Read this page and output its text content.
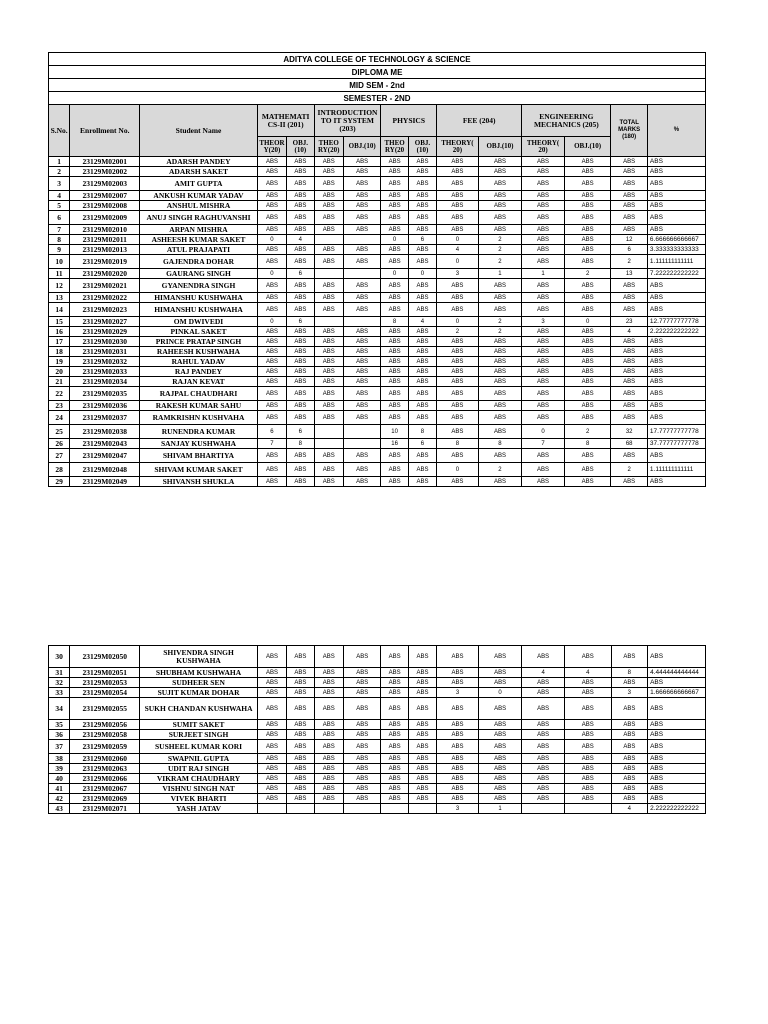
ADITYA COLLEGE OF TECHNOLOGY & SCIENCE														
DIPLOMA ME														
MID SEM - 2nd														
SEMESTER - 2ND														
S.No.	Enrollment No.	Student Name	MATHEMATI CS-II (201)		INTRODUCTION TO IT SYSTEM (203)		PHYSICS		FEE (204)		ENGINEERING MECHANICS (205)		TOTAL MARKS (180)	%
			THEOR Y(20)	OBJ. (10)	THEO RY(20)	OBJ.(10)	THEO RY(20	OBJ. (10)	THEORY( 20)	OBJ.(10)	THEORY( 20)	OBJ.(10)		
1	23129M02001	ADARSH PANDEY	ABS	ABS	ABS	ABS	ABS	ABS	ABS	ABS	ABS	ABS	ABS	ABS
2	23129M02002	ADARSH SAKET	ABS	ABS	ABS	ABS	ABS	ABS	ABS	ABS	ABS	ABS	ABS	ABS
3	23129M02003	AMIT GUPTA	ABS	ABS	ABS	ABS	ABS	ABS	ABS	ABS	ABS	ABS	ABS	ABS
4	23129M02007	ANKUSH KUMAR YADAV	ABS	ABS	ABS	ABS	ABS	ABS	ABS	ABS	ABS	ABS	ABS	ABS
5	23129M02008	ANSHUL MISHRA	ABS	ABS	ABS	ABS	ABS	ABS	ABS	ABS	ABS	ABS	ABS	ABS
6	23129M02009	ANUJ SINGH RAGHUVANSHI	ABS	ABS	ABS	ABS	ABS	ABS	ABS	ABS	ABS	ABS	ABS	ABS
7	23129M02010	ARPAN MISHRA	ABS	ABS	ABS	ABS	ABS	ABS	ABS	ABS	ABS	ABS	ABS	ABS
8	23129M02011	ASHEESH KUMAR SAKET	0	4			0	6	0	2	ABS	ABS	12	6.666666666667
9	23129M02013	ATUL PRAJAPATI	ABS	ABS	ABS	ABS	ABS	ABS	4	2	ABS	ABS	6	3.333333333333
10	23129M02019	GAJENDRA DOHAR	ABS	ABS	ABS	ABS	ABS	ABS	0	2	ABS	ABS	2	1.111111111111
11	23129M02020	GAURANG SINGH	0	6			0	0	3	1	1	2	13	7.222222222222
12	23129M02021	GYANENDRA SINGH	ABS	ABS	ABS	ABS	ABS	ABS	ABS	ABS	ABS	ABS	ABS	ABS
13	23129M02022	HIMANSHU KUSHWAHA	ABS	ABS	ABS	ABS	ABS	ABS	ABS	ABS	ABS	ABS	ABS	ABS
14	23129M02023	HIMANSHU KUSHWAHA	ABS	ABS	ABS	ABS	ABS	ABS	ABS	ABS	ABS	ABS	ABS	ABS
15	23129M02027	OM DWIVEDI	0	6			8	4	0	2	3	0	23	12.77777777778
16	23129M02029	PINKAL SAKET	ABS	ABS	ABS	ABS	ABS	ABS	2	2	ABS	ABS	4	2.222222222222
17	23129M02030	PRINCE PRATAP SINGH	ABS	ABS	ABS	ABS	ABS	ABS	ABS	ABS	ABS	ABS	ABS	ABS
18	23129M02031	RAHEESH KUSHWAHA	ABS	ABS	ABS	ABS	ABS	ABS	ABS	ABS	ABS	ABS	ABS	ABS
19	23129M02032	RAHUL YADAV	ABS	ABS	ABS	ABS	ABS	ABS	ABS	ABS	ABS	ABS	ABS	ABS
20	23129M02033	RAJ PANDEY	ABS	ABS	ABS	ABS	ABS	ABS	ABS	ABS	ABS	ABS	ABS	ABS
21	23129M02034	RAJAN KEVAT	ABS	ABS	ABS	ABS	ABS	ABS	ABS	ABS	ABS	ABS	ABS	ABS
22	23129M02035	RAJPAL CHAUDHARI	ABS	ABS	ABS	ABS	ABS	ABS	ABS	ABS	ABS	ABS	ABS	ABS
23	23129M02036	RAKESH KUMAR SAHU	ABS	ABS	ABS	ABS	ABS	ABS	ABS	ABS	ABS	ABS	ABS	ABS
24	23129M02037	RAMKRISHN KUSHVAHA	ABS	ABS	ABS	ABS	ABS	ABS	ABS	ABS	ABS	ABS	ABS	ABS
25	23129M02038	RUNENDRA KUMAR	6	6			10	8	ABS	ABS	0	2	32	17.77777777778
26	23129M02043	SANJAY KUSHWAHA	7	8			16	6	8	8	7	8	68	37.77777777778
27	23129M02047	SHIVAM BHARTIYA	ABS	ABS	ABS	ABS	ABS	ABS	ABS	ABS	ABS	ABS	ABS	ABS
28	23129M02048	SHIVAM KUMAR SAKET	ABS	ABS	ABS	ABS	ABS	ABS	0	2	ABS	ABS	2	1.111111111111
29	23129M02049	SHIVANSH SHUKLA	ABS	ABS	ABS	ABS	ABS	ABS	ABS	ABS	ABS	ABS	ABS	ABS
30	23129M02050	SHIVENDRA SINGH KUSHWAHA	ABS	ABS	ABS	ABS	ABS	ABS	ABS	ABS	ABS	ABS	ABS	ABS
31	23129M02051	SHUBHAM KUSHWAHA	ABS	ABS	ABS	ABS	ABS	ABS	ABS	ABS	4	4	8	4.444444444444
32	23129M02053	SUDHEER SEN	ABS	ABS	ABS	ABS	ABS	ABS	ABS	ABS	ABS	ABS	ABS	ABS
33	23129M02054	SUJIT KUMAR DOHAR	ABS	ABS	ABS	ABS	ABS	ABS	3	0	ABS	ABS	3	1.666666666667
34	23129M02055	SUKH CHANDAN KUSHWAHA	ABS	ABS	ABS	ABS	ABS	ABS	ABS	ABS	ABS	ABS	ABS	ABS
35	23129M02056	SUMIT SAKET	ABS	ABS	ABS	ABS	ABS	ABS	ABS	ABS	ABS	ABS	ABS	ABS
36	23129M02058	SURJEET SINGH	ABS	ABS	ABS	ABS	ABS	ABS	ABS	ABS	ABS	ABS	ABS	ABS
37	23129M02059	SUSHEEL KUMAR KORI	ABS	ABS	ABS	ABS	ABS	ABS	ABS	ABS	ABS	ABS	ABS	ABS
38	23129M02060	SWAPNIL GUPTA	ABS	ABS	ABS	ABS	ABS	ABS	ABS	ABS	ABS	ABS	ABS	ABS
39	23129M02063	UDIT RAJ SINGH	ABS	ABS	ABS	ABS	ABS	ABS	ABS	ABS	ABS	ABS	ABS	ABS
40	23129M02066	VIKRAM CHAUDHARY	ABS	ABS	ABS	ABS	ABS	ABS	ABS	ABS	ABS	ABS	ABS	ABS
41	23129M02067	VISHNU SINGH NAT	ABS	ABS	ABS	ABS	ABS	ABS	ABS	ABS	ABS	ABS	ABS	ABS
42	23129M02069	VIVEK BHARTI	ABS	ABS	ABS	ABS	ABS	ABS	ABS	ABS	ABS	ABS	ABS	ABS
43	23129M02071	YASH JATAV							3	1			4	2.222222222222
